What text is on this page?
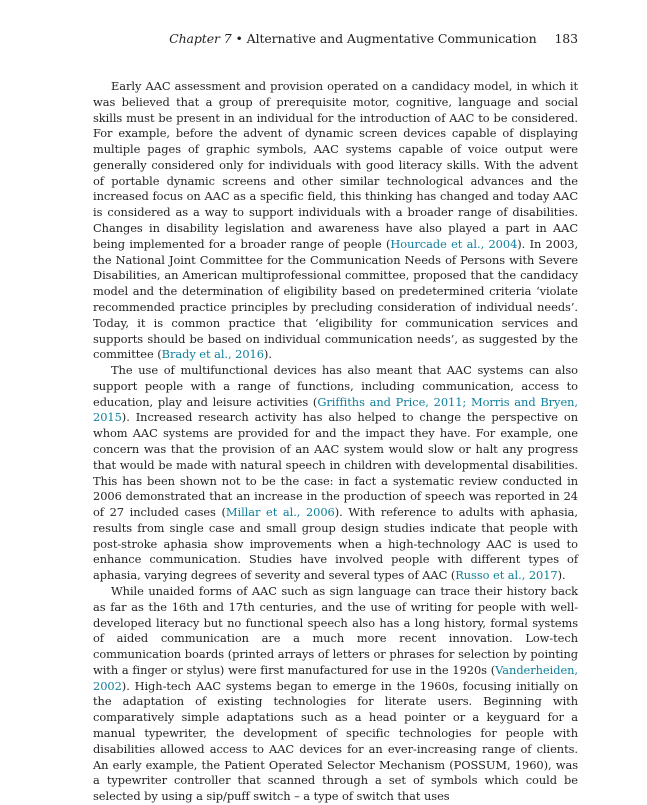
Chapter 7 • Alternative and Augmentative Communication 183

Early AAC assessment and provision operated on a candidacy model, in which it was believed that a group of prerequisite motor, cognitive, language and social skills must be present in an individual for the introduction of AAC to be considered. For example, before the advent of dynamic screen devices capable of displaying multiple pages of graphic symbols, AAC systems capable of voice output were generally considered only for individuals with good literacy skills. With the advent of portable dynamic screens and other similar technological advances and the increased focus on AAC as a specific field, this thinking has changed and today AAC is considered as a way to support individuals with a broader range of disabilities. Changes in disability legislation and awareness have also played a part in AAC being implemented for a broader range of people (Hourcade et al., 2004). In 2003, the National Joint Committee for the Communication Needs of Persons with Severe Disabilities, an American multiprofessional committee, proposed that the candidacy model and the determination of eligibility based on predetermined criteria ‘violate recommended practice principles by precluding consideration of individual needs’. Today, it is common practice that ‘eligibility for communication services and supports should be based on individual communication needs’, as suggested by the committee (Brady et al., 2016).

The use of multifunctional devices has also meant that AAC systems can also support people with a range of functions, including communication, access to education, play and leisure activities (Griffiths and Price, 2011; Morris and Bryen, 2015). Increased research activity has also helped to change the perspective on whom AAC systems are provided for and the impact they have. For example, one concern was that the provision of an AAC system would slow or halt any progress that would be made with natural speech in children with developmental disabilities. This has been shown not to be the case: in fact a systematic review conducted in 2006 demonstrated that an increase in the production of speech was reported in 24 of 27 included cases (Millar et al., 2006). With reference to adults with aphasia, results from single case and small group design studies indicate that people with post-stroke aphasia show improvements when a high-technology AAC is used to enhance communication. Studies have involved people with different types of aphasia, varying degrees of severity and several types of AAC (Russo et al., 2017).

While unaided forms of AAC such as sign language can trace their history back as far as the 16th and 17th centuries, and the use of writing for people with well-developed literacy but no functional speech also has a long history, formal systems of aided communication are a much more recent innovation. Low-tech communication boards (printed arrays of letters or phrases for selection by pointing with a finger or stylus) were first manufactured for use in the 1920s (Vanderheiden, 2002). High-tech AAC systems began to emerge in the 1960s, focusing initially on the adaptation of existing technologies for literate users. Beginning with comparatively simple adaptations such as a head pointer or a keyguard for a manual typewriter, the development of specific technologies for people with disabilities allowed access to AAC devices for an ever-increasing range of clients. An early example, the Patient Operated Selector Mechanism (POSSUM, 1960), was a typewriter controller that scanned through a set of symbols which could be selected by using a sip/puff switch – a type of switch that uses
